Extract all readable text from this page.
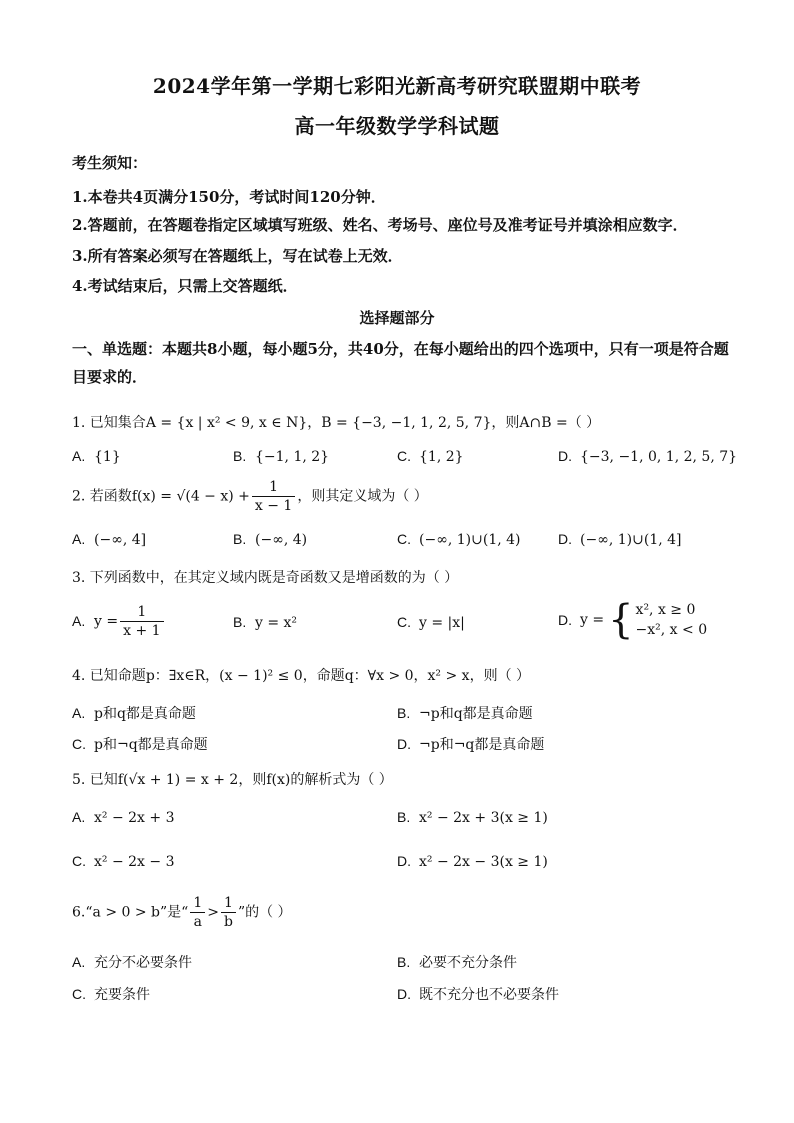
2024学年第一学期七彩阳光新高考研究联盟期中联考
高一年级数学学科试题
考生须知：
1.本卷共4页满分150分，考试时间120分钟．
2.答题前，在答题卷指定区域填写班级、姓名、考场号、座位号及准考证号并填涂相应数字．
3.所有答案必须写在答题纸上，写在试卷上无效．
4.考试结束后，只需上交答题纸．
选择题部分
一、单选题：本题共8小题，每小题5分，共40分，在每小题给出的四个选项中，只有一项是符合题目要求的．
1. 已知集合A = {x | x² < 9, x ∈ N}，B = {−3, −1, 1, 2, 5, 7}，则A∩B =（ ）
A. {1}	B. {−1, 1, 2}	C. {1, 2}	D. {−3, −1, 0, 1, 2, 5, 7}
2. 若函数$f(x) = √(4 - x) + \frac{1}{x - 1}$ ，则其定义域为（ ）
A. (−∞, 4]	B. (−∞, 4)	C. (−∞, 1)∪(1, 4)	D. (−∞, 1)∪(1, 4]
3. 下列函数中，在其定义域内既是奇函数又是增函数的为（ ）
A. $y = \frac{1}{x + 1}$	B. y = x²	C. y = |x|	D. y = { x², x ≥ 0
−x², x < 0
4. 已知命题p：∃x∈R，(x − 1)² ≤ 0，命题q：∀x > 0，x² > x，则（ ）
A. p和q都是真命题	B. ¬p和q都是真命题
C. p和¬q都是真命题	D. ¬p和¬q都是真命题
5. 已知f(√x + 1) = x + 2，则f(x)的解析式为（ ）
A. x² − 2x + 3	B. x² − 2x + 3(x ≥ 1)
C. x² − 2x − 3	D. x² − 2x − 3(x ≥ 1)
6.“a > 0 > b”是“ $\frac{1}{a} > \frac{1}{b}$ ”的（ ）
A. 充分不必要条件	B. 必要不充分条件
C. 充要条件	D. 既不充分也不必要条件
